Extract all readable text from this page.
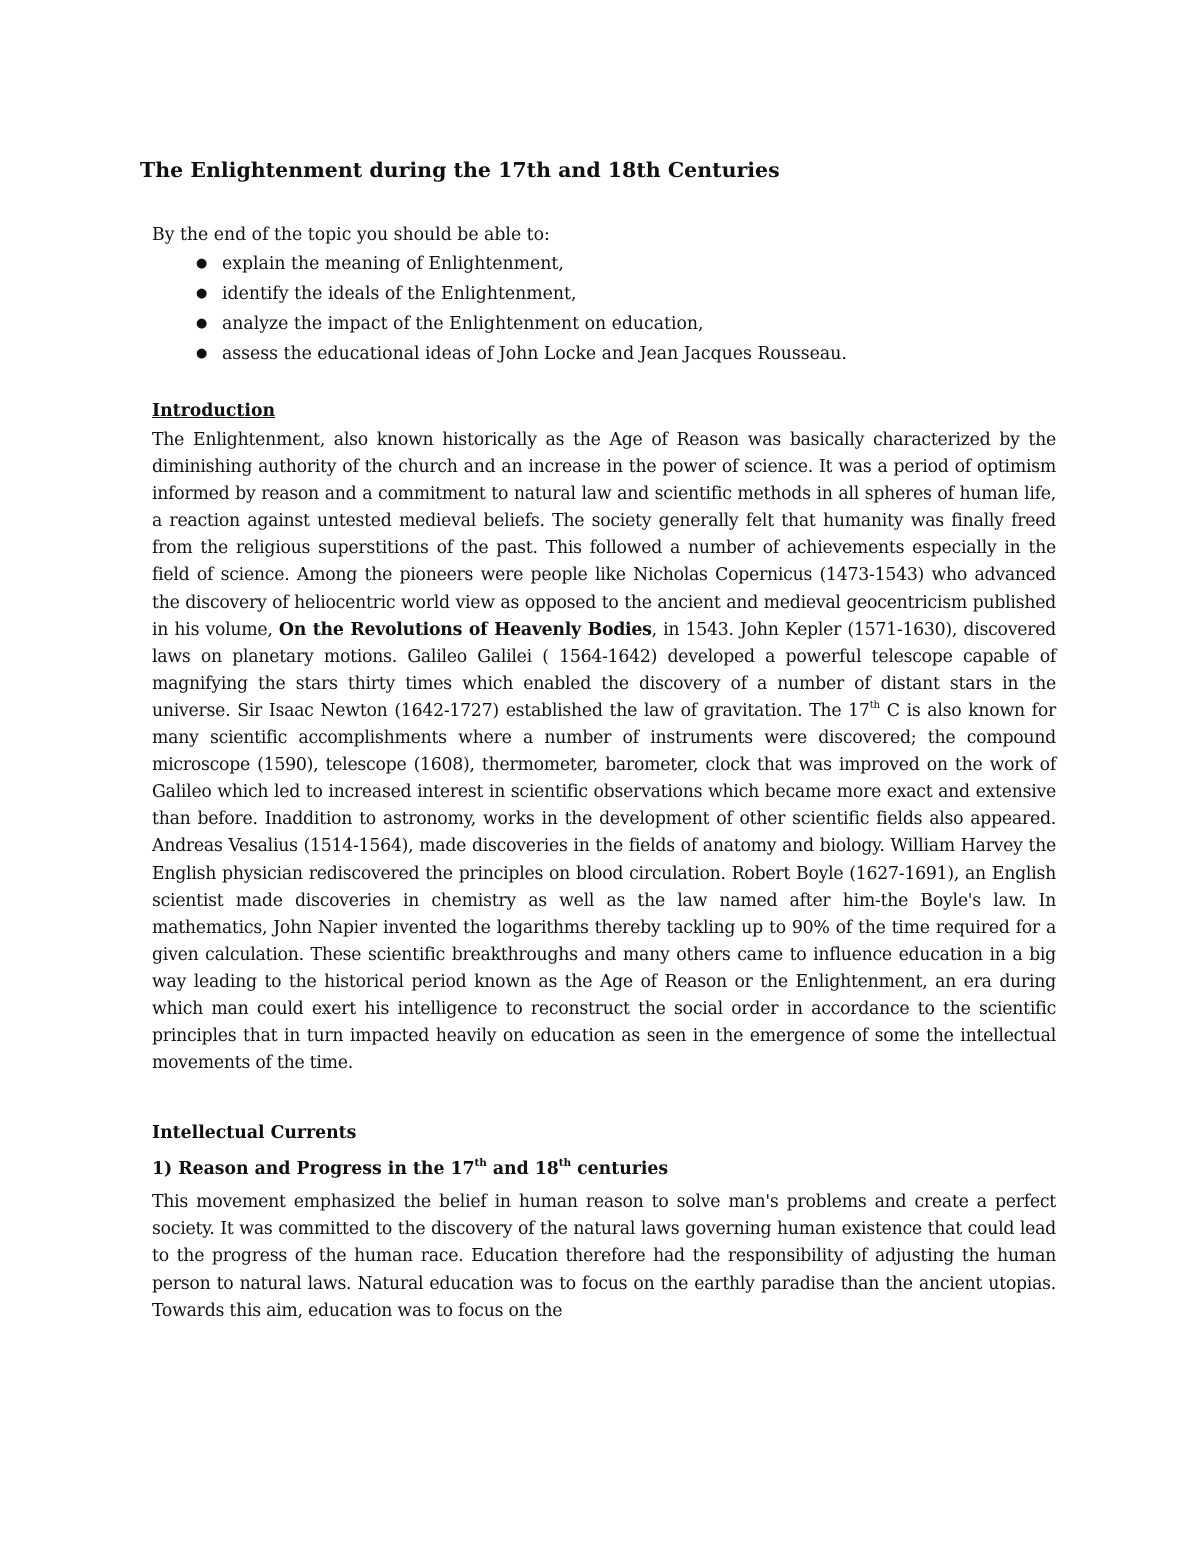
The Enlightenment during the 17th and 18th Centuries

By the end of the topic you should be able to:

● explain the meaning of Enlightenment,
● identify the ideals of the Enlightenment,
● analyze the impact of the Enlightenment on education,
● assess the educational ideas of John Locke and Jean Jacques Rousseau.

Introduction

The Enlightenment, also known historically as the Age of Reason was basically characterized by the diminishing authority of the church and an increase in the power of science. It was a period of optimism informed by reason and a commitment to natural law and scientific methods in all spheres of human life, a reaction against untested medieval beliefs. The society generally felt that humanity was finally freed from the religious superstitions of the past. This followed a number of achievements especially in the field of science. Among the pioneers were people like Nicholas Copernicus (1473-1543) who advanced the discovery of heliocentric world view as opposed to the ancient and medieval geocentricism published in his volume, On the Revolutions of Heavenly Bodies, in 1543. John Kepler (1571-1630), discovered laws on planetary motions. Galileo Galilei ( 1564-1642) developed a powerful telescope capable of magnifying the stars thirty times which enabled the discovery of a number of distant stars in the universe. Sir Isaac Newton (1642-1727) established the law of gravitation. The 17th C is also known for many scientific accomplishments where a number of instruments were discovered; the compound microscope (1590), telescope (1608), thermometer, barometer, clock that was improved on the work of Galileo which led to increased interest in scientific observations which became more exact and extensive than before. Inaddition to astronomy, works in the development of other scientific fields also appeared. Andreas Vesalius (1514-1564), made discoveries in the fields of anatomy and biology. William Harvey the English physician rediscovered the principles on blood circulation. Robert Boyle (1627-1691), an English scientist made discoveries in chemistry as well as the law named after him-the Boyle's law. In mathematics, John Napier invented the logarithms thereby tackling up to 90% of the time required for a given calculation. These scientific breakthroughs and many others came to influence education in a big way leading to the historical period known as the Age of Reason or the Enlightenment, an era during which man could exert his intelligence to reconstruct the social order in accordance to the scientific principles that in turn impacted heavily on education as seen in the emergence of some the intellectual movements of the time.

Intellectual Currents

1) Reason and Progress in the 17th and 18th centuries

This movement emphasized the belief in human reason to solve man's problems and create a perfect society. It was committed to the discovery of the natural laws governing human existence that could lead to the progress of the human race. Education therefore had the responsibility of adjusting the human person to natural laws. Natural education was to focus on the earthly paradise than the ancient utopias. Towards this aim, education was to focus on the
